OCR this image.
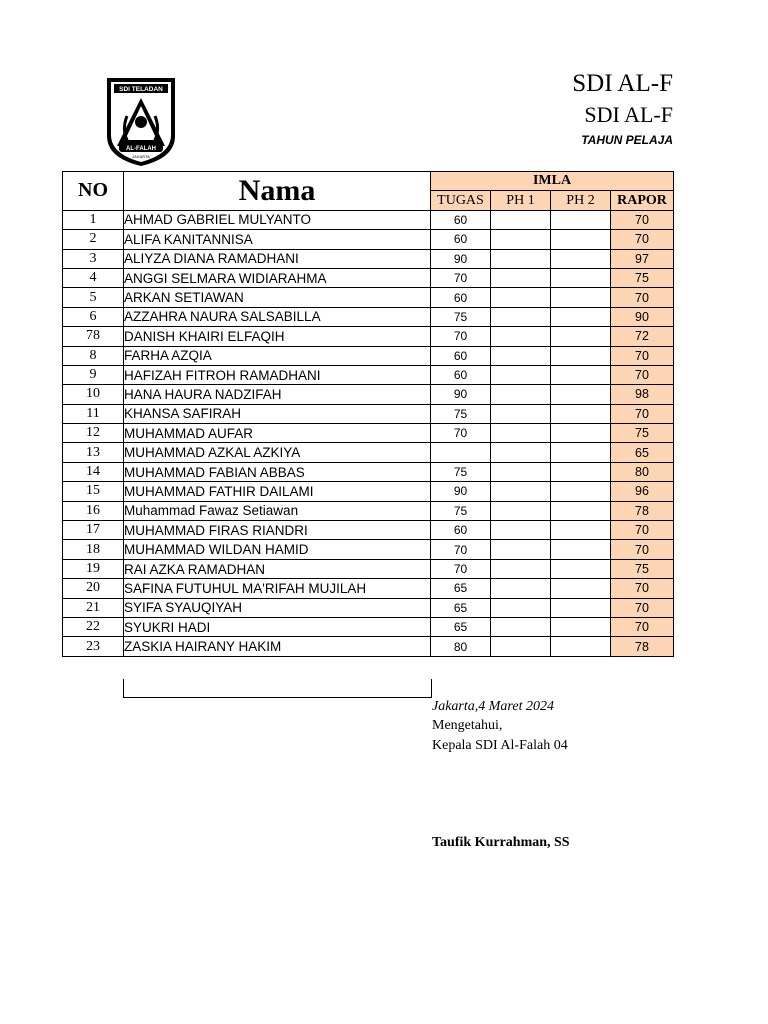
SDI TELADAN
AL-FALAH
JAKARTA
SDI AL-F
SDI AL-F
TAHUN PELAJA
NO	Nama	IMLA			
		TUGAS	PH 1	PH 2	RAPOR
1	AHMAD GABRIEL MULYANTO	60			70
2	ALIFA KANITANNISA	60			70
3	ALIYZA DIANA RAMADHANI	90			97
4	ANGGI SELMARA WIDIARAHMA	70			75
5	ARKAN SETIAWAN	60			70
6	AZZAHRA NAURA SALSABILLA	75			90
78	DANISH KHAIRI ELFAQIH	70			72
8	FARHA AZQIA	60			70
9	HAFIZAH FITROH RAMADHANI	60			70
10	HANA HAURA NADZIFAH	90			98
11	KHANSA SAFIRAH	75			70
12	MUHAMMAD AUFAR	70			75
13	MUHAMMAD AZKAL AZKIYA				65
14	MUHAMMAD FABIAN ABBAS	75			80
15	MUHAMMAD FATHIR DAILAMI	90			96
16	Muhammad Fawaz Setiawan	75			78
17	MUHAMMAD FIRAS RIANDRI	60			70
18	MUHAMMAD WILDAN HAMID	70			70
19	RAI AZKA RAMADHAN	70			75
20	SAFINA FUTUHUL MA'RIFAH MUJILAH	65			70
21	SYIFA SYAUQIYAH	65			70
22	SYUKRI HADI	65			70
23	ZASKIA HAIRANY HAKIM	80			78
Jakarta,4 Maret 2024
Mengetahui,
Kepala SDI Al-Falah 04
Taufik Kurrahman, SS
